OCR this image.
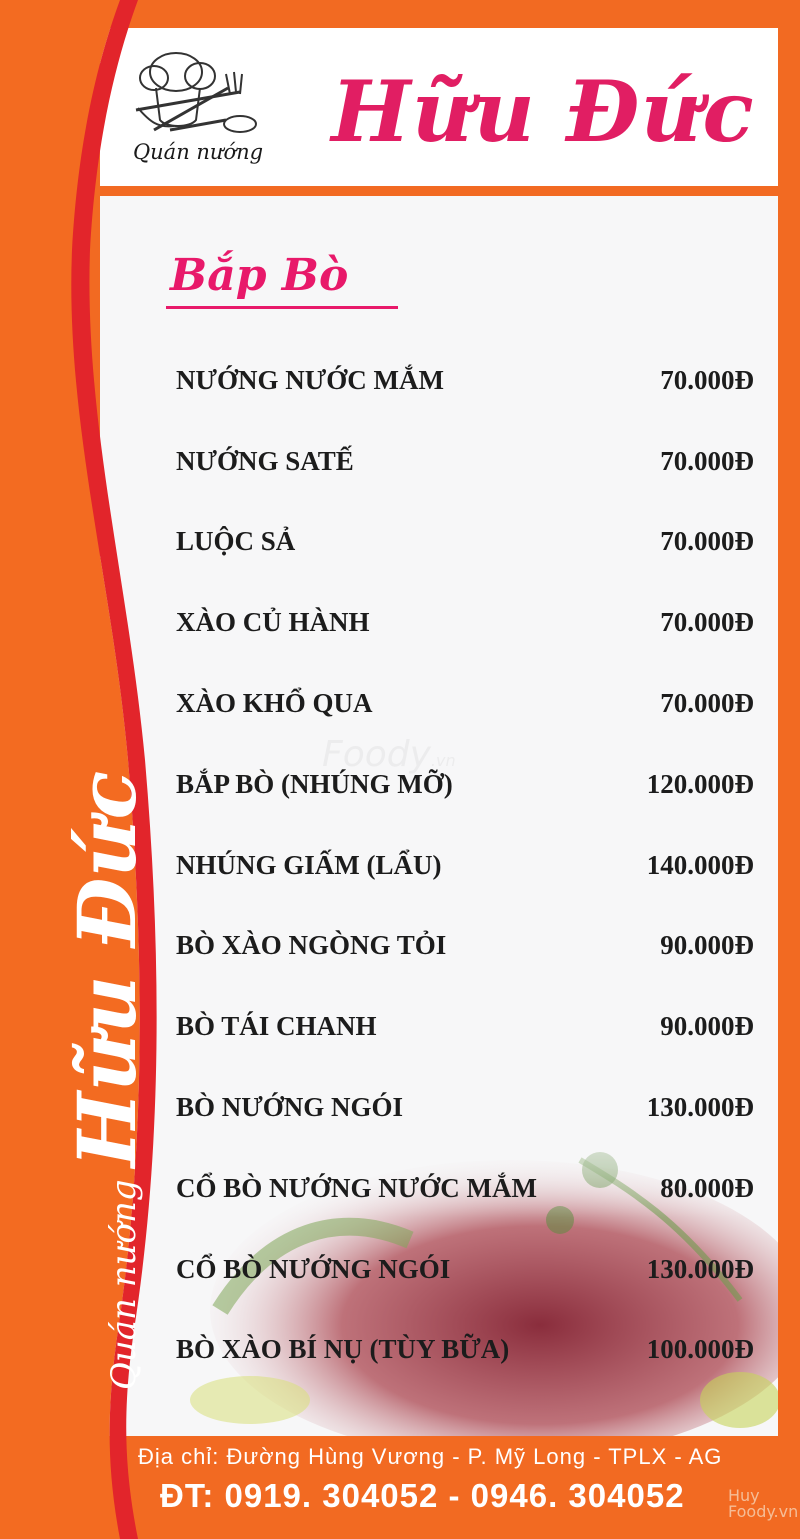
Quán nướng Hữu Đức
Bắp Bò
Foody.vn
NƯỚNG NƯỚC MẮM	70.000Đ
NƯỚNG SATẾ	70.000Đ
LUỘC SẢ	70.000Đ
XÀO CỦ HÀNH	70.000Đ
XÀO KHỔ QUA	70.000Đ
BẮP BÒ (NHÚNG MỠ)	120.000Đ
NHÚNG GIẤM (LẨU)	140.000Đ
BÒ XÀO NGÒNG TỎI	90.000Đ
BÒ TÁI CHANH	90.000Đ
BÒ NƯỚNG NGÓI	130.000Đ
CỔ BÒ NƯỚNG NƯỚC MẮM	80.000Đ
CỔ BÒ NƯỚNG NGÓI	130.000Đ
BÒ XÀO BÍ NỤ (TÙY BỮA)	100.000Đ
Quán nướngHữu Đức
Địa chỉ: Đường Hùng Vương - P. Mỹ Long - TPLX - AG
ĐT: 0919. 304052 - 0946. 304052	Huy
Foody.vn
